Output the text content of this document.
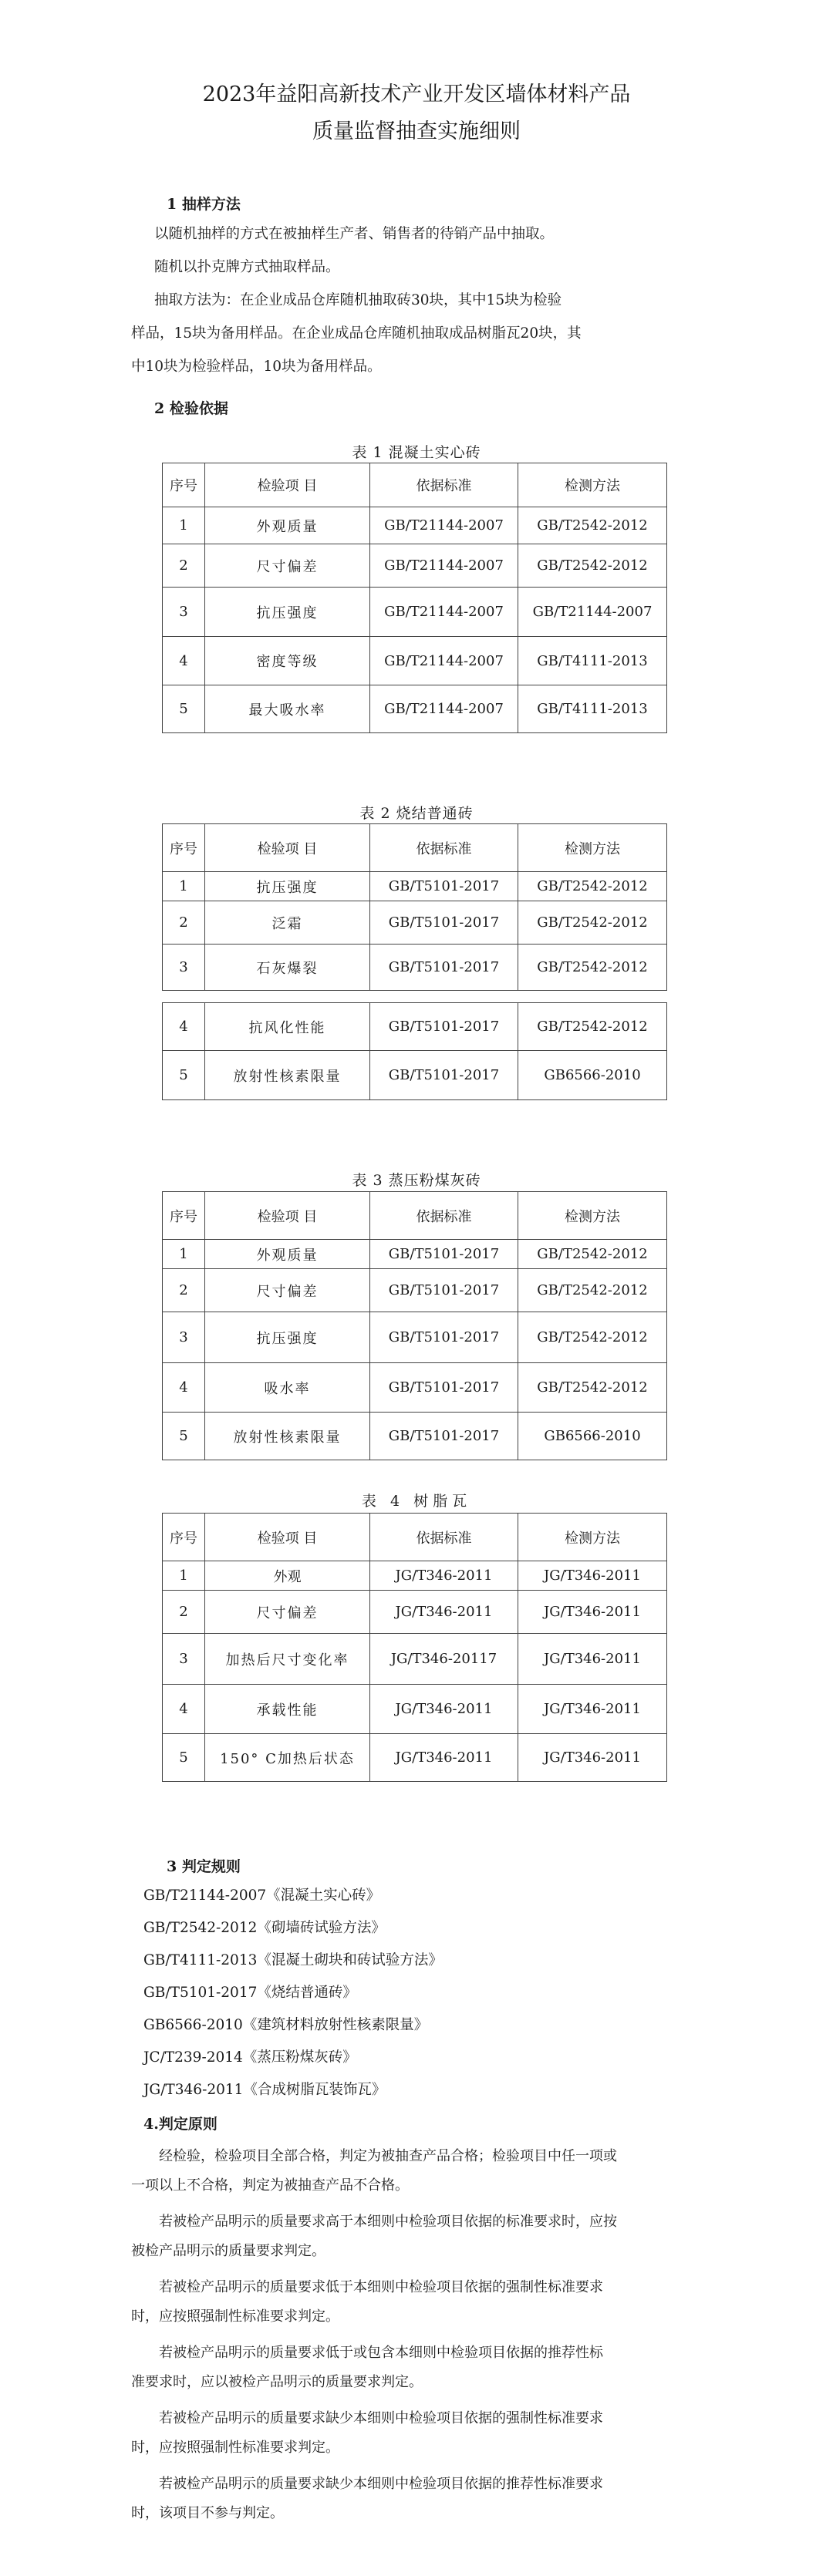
2023年益阳高新技术产业开发区墙体材料产品
质量监督抽查实施细则
1 抽样方法
以随机抽样的方式在被抽样生产者、销售者的待销产品中抽取。
随机以扑克牌方式抽取样品。
抽取方法为：在企业成品仓库随机抽取砖30块，其中15块为检验
样品，15块为备用样品。在企业成品仓库随机抽取成品树脂瓦20块，其
中10块为检验样品，10块为备用样品。
2 检验依据
表 1 混凝土实心砖
序号	检验项 目	依据标准	检测方法
1	外观质量	GB/T21144-2007	GB/T2542-2012
2	尺寸偏差	GB/T21144-2007	GB/T2542-2012
3	抗压强度	GB/T21144-2007	GB/T21144-2007
4	密度等级	GB/T21144-2007	GB/T4111-2013
5	最大吸水率	GB/T21144-2007	GB/T4111-2013
表 2 烧结普通砖
序号	检验项 目	依据标准	检测方法
1	抗压强度	GB/T5101-2017	GB/T2542-2012
2	泛霜	GB/T5101-2017	GB/T2542-2012
3	石灰爆裂	GB/T5101-2017	GB/T2542-2012
4	抗风化性能	GB/T5101-2017	GB/T2542-2012
5	放射性核素限量	GB/T5101-2017	GB6566-2010
表 3 蒸压粉煤灰砖
序号	检验项 目	依据标准	检测方法
1	外观质量	GB/T5101-2017	GB/T2542-2012
2	尺寸偏差	GB/T5101-2017	GB/T2542-2012
3	抗压强度	GB/T5101-2017	GB/T2542-2012
4	吸水率	GB/T5101-2017	GB/T2542-2012
5	放射性核素限量	GB/T5101-2017	GB6566-2010
表 4 树脂瓦
序号	检验项 目	依据标准	检测方法
1	外观	JG/T346-2011	JG/T346-2011
2	尺寸偏差	JG/T346-2011	JG/T346-2011
3	加热后尺寸变化率	JG/T346-20117	JG/T346-2011
4	承载性能	JG/T346-2011	JG/T346-2011
5	150° C加热后状态	JG/T346-2011	JG/T346-2011
3 判定规则
GB/T21144-2007《混凝土实心砖》
GB/T2542-2012《砌墙砖试验方法》
GB/T4111-2013《混凝土砌块和砖试验方法》
GB/T5101-2017《烧结普通砖》
GB6566-2010《建筑材料放射性核素限量》
JC/T239-2014《蒸压粉煤灰砖》
JG/T346-2011《合成树脂瓦装饰瓦》
4.判定原则
经检验，检验项目全部合格，判定为被抽查产品合格；检验项目中任一项或
一项以上不合格，判定为被抽查产品不合格。
若被检产品明示的质量要求高于本细则中检验项目依据的标准要求时，应按
被检产品明示的质量要求判定。
若被检产品明示的质量要求低于本细则中检验项目依据的强制性标准要求
时，应按照强制性标准要求判定。
若被检产品明示的质量要求低于或包含本细则中检验项目依据的推荐性标
准要求时，应以被检产品明示的质量要求判定。
若被检产品明示的质量要求缺少本细则中检验项目依据的强制性标准要求
时，应按照强制性标准要求判定。
若被检产品明示的质量要求缺少本细则中检验项目依据的推荐性标准要求
时，该项目不参与判定。
